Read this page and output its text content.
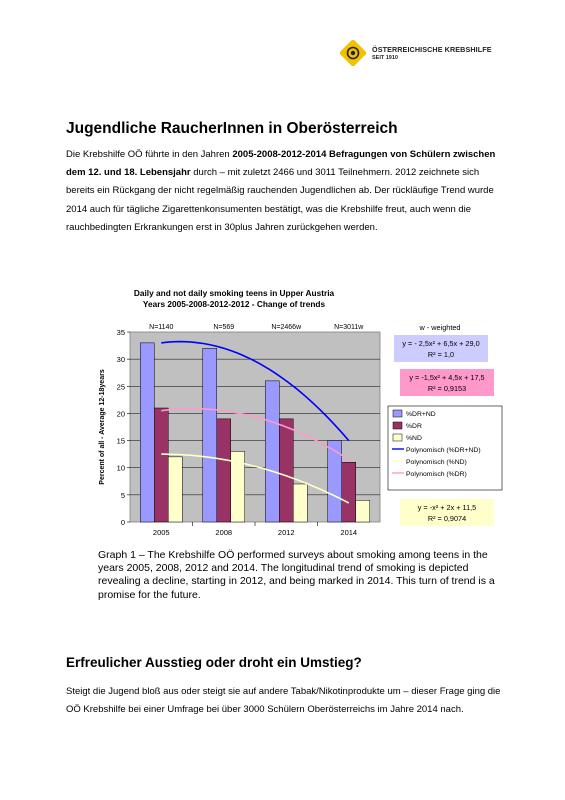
ÖSTERREICHISCHE KREBSHILFE
SEIT 1910
Jugendliche RaucherInnen in Oberösterreich
Die Krebshilfe OÖ führte in den Jahren 2005-2008-2012-2014 Befragungen von Schülern zwischen dem 12. und 18. Lebensjahr durch – mit zuletzt 2466 und 3011 Teilnehmern. 2012 zeichnete sich bereits ein Rückgang der nicht regelmäßig rauchenden Jugendlichen ab. Der rückläufige Trend wurde 2014 auch für tägliche Zigarettenkonsumenten bestätigt, was die Krebshilfe freut, auch wenn die rauchbedingten Erkrankungen erst in 30plus Jahren zurückgehen werden.
Daily and not daily smoking teens in Upper Austria
Years 2005-2008-2012-2012 - Change of trends
0
5
10
15
20
25
30
35
Percent of all - Average 12-18years
2005
N=1140
2008
N=569
2012
N=2466w
2014
N=3011w	w - weighted
y = - 2,5x² + 6,5x + 29,0
R² = 1,0
y = -1,5x² + 4,5x + 17,5
R² = 0,9153
y = -x² + 2x + 11,5
R² = 0,9074
%DR+ND
%DR
%ND
Polynomisch (%DR+ND)
Polynomisch (%ND)
Polynomisch (%DR)
Graph 1 – The Krebshilfe OÖ performed surveys about smoking among teens in the years 2005, 2008, 2012 and 2014. The longitudinal trend of smoking is depicted revealing a decline, starting in 2012, and being marked in 2014. This turn of trend is a promise for the future.
Erfreulicher Ausstieg oder droht ein Umstieg?
Steigt die Jugend bloß aus oder steigt sie auf andere Tabak/Nikotinprodukte um – dieser Frage ging die OÖ Krebshilfe bei einer Umfrage bei über 3000 Schülern Oberösterreichs im Jahre 2014 nach.
